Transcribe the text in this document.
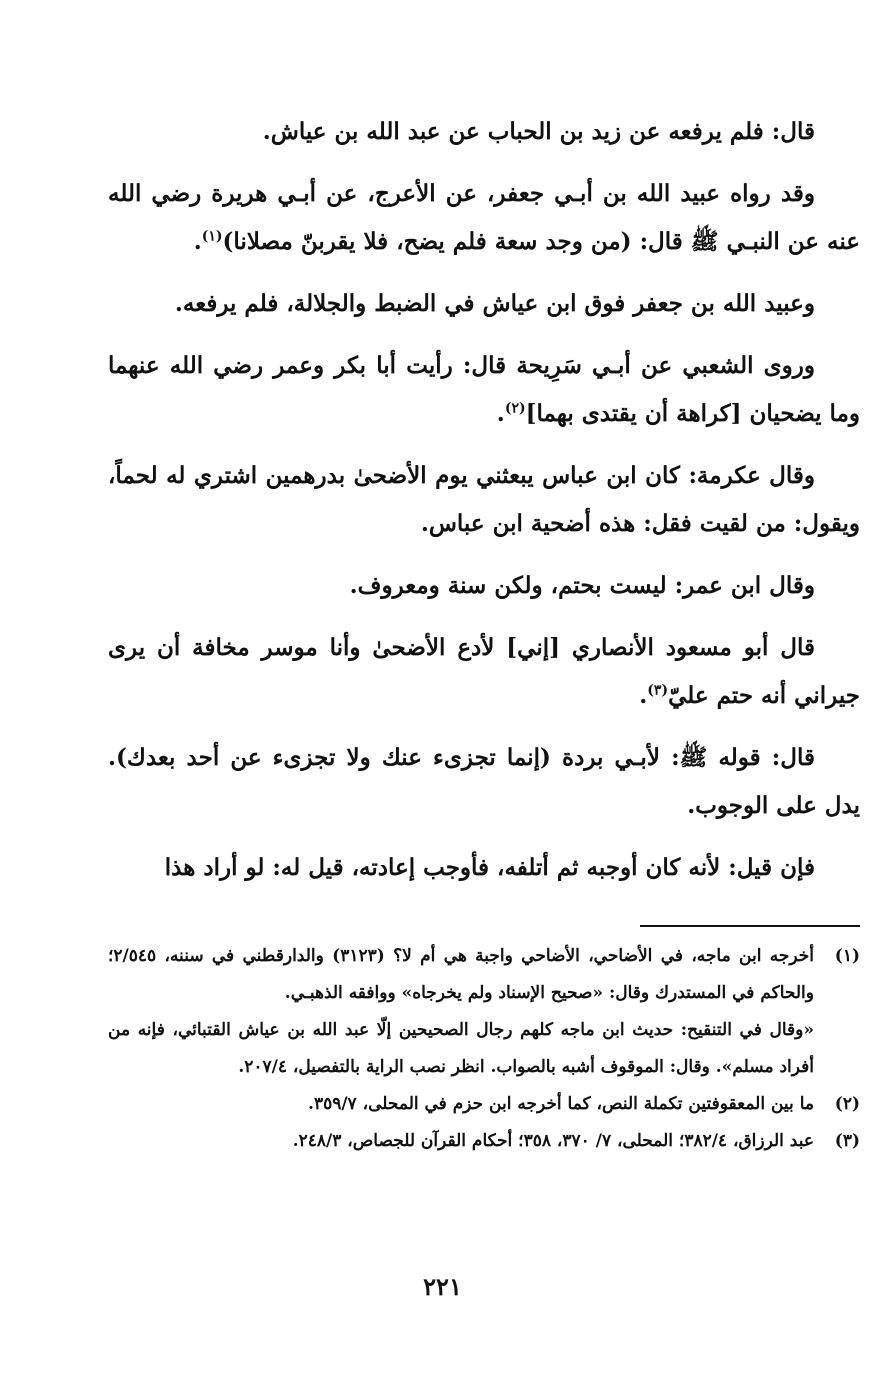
قال: فلم يرفعه عن زيد بن الحباب عن عبد الله بن عياش.

وقد رواه عبيد الله بن أبـي جعفر، عن الأعرج، عن أبـي هريرة رضي الله عنه عن النبـي ﷺ قال: (من وجد سعة فلم يضح، فلا يقربنّ مصلانا)$^{(١)}$.

وعبيد الله بن جعفر فوق ابن عياش في الضبط والجلالة، فلم يرفعه.

وروى الشعبي عن أبـي سَرِيحة قال: رأيت أبا بكر وعمر رضي الله عنهما وما يضحيان [كراهة أن يقتدى بهما]$^{(٢)}$.

وقال عكرمة: كان ابن عباس يبعثني يوم الأضحىٰ بدرهمين اشتري له لحماً، ويقول: من لقيت فقل: هذه أضحية ابن عباس.

وقال ابن عمر: ليست بحتم، ولكن سنة ومعروف.

قال أبو مسعود الأنصاري [إني] لأدع الأضحىٰ وأنا موسر مخافة أن يرى جيراني أنه حتم عليّ$^{(٣)}$.

قال: قوله ﷺ: لأبـي بردة (إنما تجزىء عنك ولا تجزىء عن أحد بعدك). يدل على الوجوب.

فإن قيل: لأنه كان أوجبه ثم أتلفه، فأوجب إعادته، قيل له: لو أراد هذا

(١)

أخرجه ابن ماجه، في الأضاحي، الأضاحي واجبة هي أم لا؟ (٣١٢٣) والدارقطني في سننه، ٢/٥٤٥؛ والحاكم في المستدرك وقال: «صحيح الإسناد ولم يخرجاه» ووافقه الذهبـي.

«وقال في التنقيح: حديث ابن ماجه كلهم رجال الصحيحين إلّا عبد الله بن عياش القتبائي، فإنه من أفراد مسلم». وقال: الموقوف أشبه بالصواب. انظر نصب الراية بالتفصيل، ٢٠٧/٤.

(٢)

ما بين المعقوفتين تكملة النص، كما أخرجه ابن حزم في المحلى، ٣٥٩/٧.

(٣)

عبد الرزاق، ٣٨٢/٤؛ المحلى، ٧/ ٣٧٠، ٣٥٨؛ أحكام القرآن للجصاص، ٢٤٨/٣.

٢٢١
